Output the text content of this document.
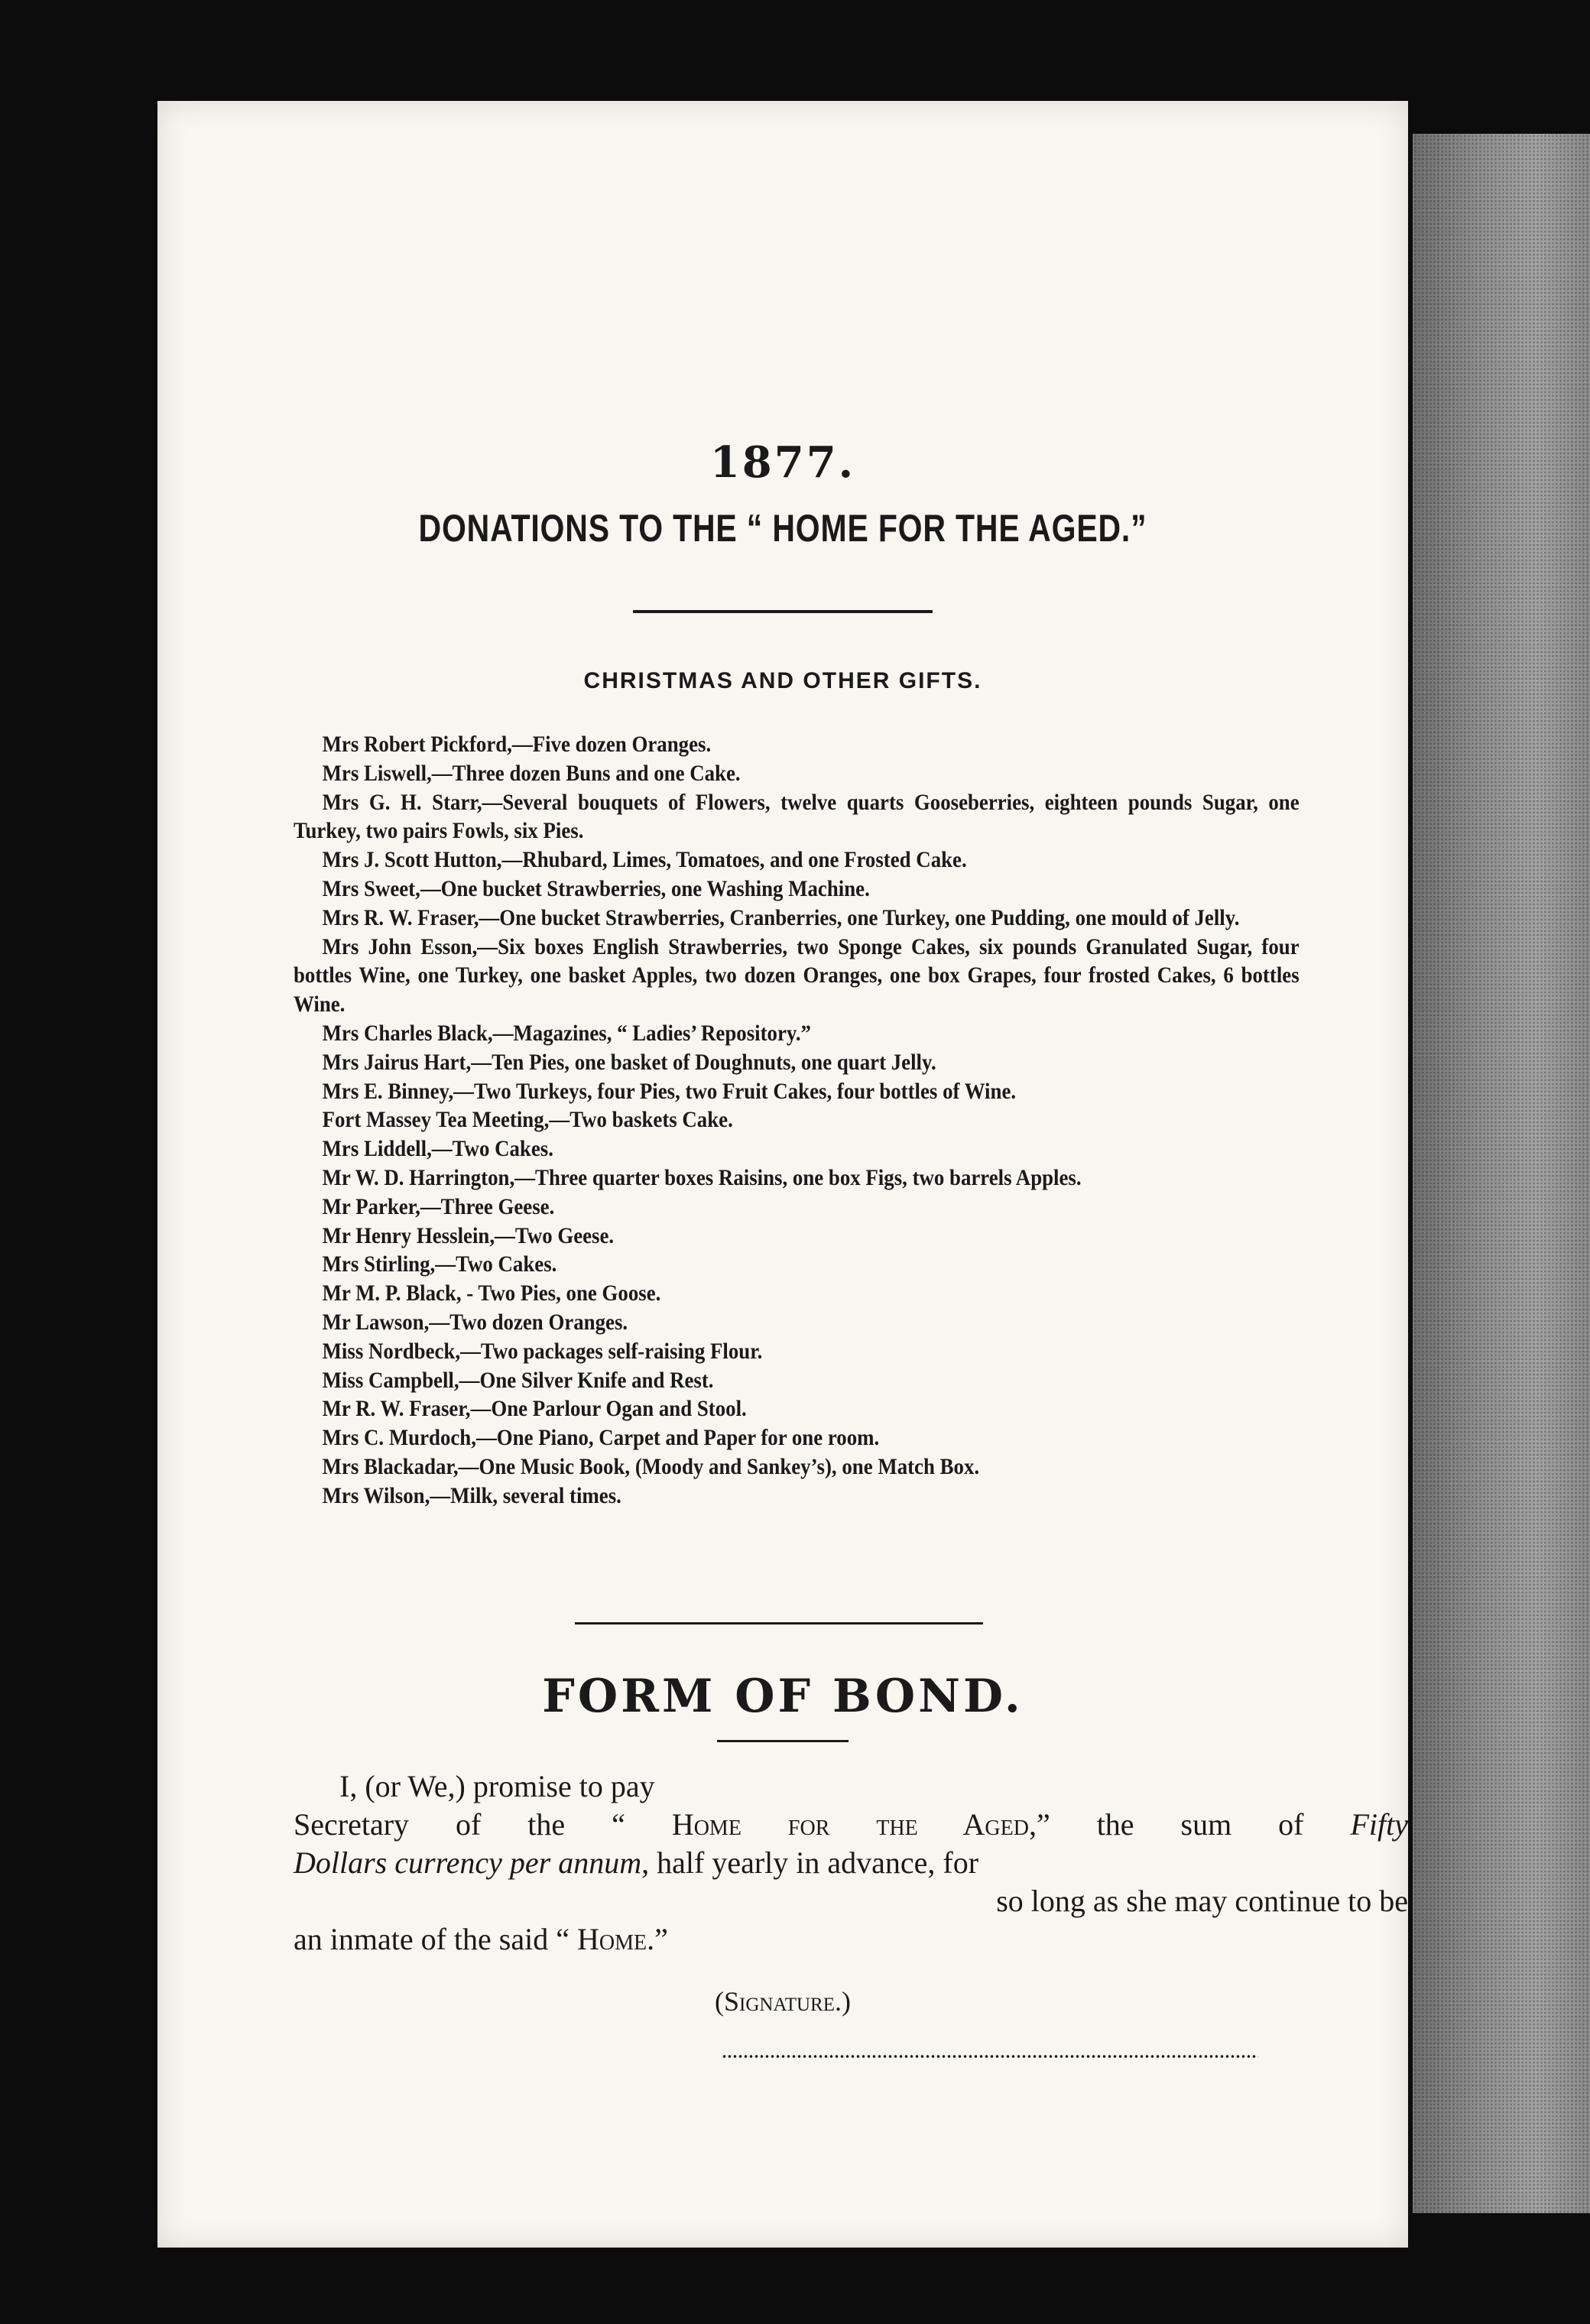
1877.
DONATIONS TO THE “ HOME FOR THE AGED.”
CHRISTMAS AND OTHER GIFTS.
Mrs Robert Pickford,—Five dozen Oranges.
Mrs Liswell,—Three dozen Buns and one Cake.
Mrs G. H. Starr,—Several bouquets of Flowers, twelve quarts Gooseberries, eighteen pounds Sugar, one Turkey, two pairs Fowls, six Pies.
Mrs J. Scott Hutton,—Rhubard, Limes, Tomatoes, and one Frosted Cake.
Mrs Sweet,—One bucket Strawberries, one Washing Machine.
Mrs R. W. Fraser,—One bucket Strawberries, Cranberries, one Turkey, one Pudding, one mould of Jelly.
Mrs John Esson,—Six boxes English Strawberries, two Sponge Cakes, six pounds Granulated Sugar, four bottles Wine, one Turkey, one basket Apples, two dozen Oranges, one box Grapes, four frosted Cakes, 6 bottles Wine.
Mrs Charles Black,—Magazines, “ Ladies’ Repository.”
Mrs Jairus Hart,—Ten Pies, one basket of Doughnuts, one quart Jelly.
Mrs E. Binney,—Two Turkeys, four Pies, two Fruit Cakes, four bottles of Wine.
Fort Massey Tea Meeting,—Two baskets Cake.
Mrs Liddell,—Two Cakes.
Mr W. D. Harrington,—Three quarter boxes Raisins, one box Figs, two barrels Apples.
Mr Parker,—Three Geese.
Mr Henry Hesslein,—Two Geese.
Mrs Stirling,—Two Cakes.
Mr M. P. Black, - Two Pies, one Goose.
Mr Lawson,—Two dozen Oranges.
Miss Nordbeck,—Two packages self-raising Flour.
Miss Campbell,—One Silver Knife and Rest.
Mr R. W. Fraser,—One Parlour Ogan and Stool.
Mrs C. Murdoch,—One Piano, Carpet and Paper for one room.
Mrs Blackadar,—One Music Book, (Moody and Sankey’s), one Match Box.
Mrs Wilson,—Milk, several times.
FORM OF BOND.
I, (or We,) promise to pay
Secretary of the “ Home for the Aged,” the sum of Fifty
Dollars currency per annum, half yearly in advance, for
so long as she may continue to be
an inmate of the said “ Home.”
(Signature.)
